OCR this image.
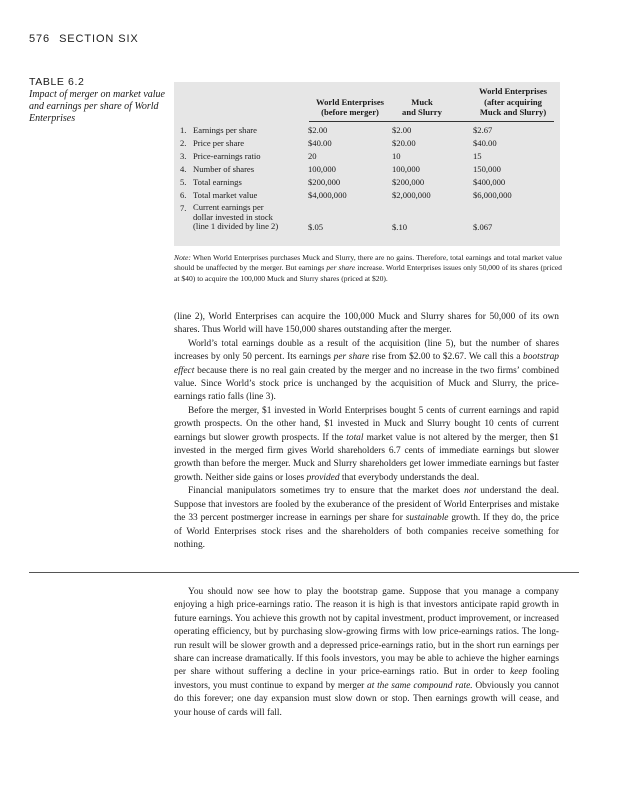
576 SECTION SIX
TABLE 6.2
Impact of merger on market value and earnings per share of World Enterprises
World Enterprises
(before merger)
Muck
and Slurry
World Enterprises
(after acquiring
Muck and Slurry)
1. Earnings per share	$2.00	$2.00	$2.67
2. Price per share	$40.00	$20.00	$40.00
3. Price-earnings ratio	20	10	15
4. Number of shares	100,000	100,000	150,000
5. Total earnings	$200,000	$200,000	$400,000
6. Total market value	$4,000,000	$2,000,000	$6,000,000
7. Current earnings per
dollar invested in stock
(line 1 divided by line 2)	$.05	$.10	$.067
Note: When World Enterprises purchases Muck and Slurry, there are no gains. Therefore, total earnings and total market value should be unaffected by the merger. But earnings per share increase. World Enterprises issues only 50,000 of its shares (priced at $40) to acquire the 100,000 Muck and Slurry shares (priced at $20).

(line 2), World Enterprises can acquire the 100,000 Muck and Slurry shares for 50,000 of its own shares. Thus World will have 150,000 shares outstanding after the merger.

World’s total earnings double as a result of the acquisition (line 5), but the number of shares increases by only 50 percent. Its earnings per share rise from $2.00 to $2.67. We call this a bootstrap effect because there is no real gain created by the merger and no increase in the two firms’ combined value. Since World’s stock price is unchanged by the acquisition of Muck and Slurry, the price-earnings ratio falls (line 3).

Before the merger, $1 invested in World Enterprises bought 5 cents of current earnings and rapid growth prospects. On the other hand, $1 invested in Muck and Slurry bought 10 cents of current earnings but slower growth prospects. If the total market value is not altered by the merger, then $1 invested in the merged firm gives World shareholders 6.7 cents of immediate earnings but slower growth than before the merger. Muck and Slurry shareholders get lower immediate earnings but faster growth. Neither side gains or loses provided that everybody understands the deal.

Financial manipulators sometimes try to ensure that the market does not understand the deal. Suppose that investors are fooled by the exuberance of the president of World Enterprises and mistake the 33 percent postmerger increase in earnings per share for sustainable growth. If they do, the price of World Enterprises stock rises and the shareholders of both companies receive something for nothing.

You should now see how to play the bootstrap game. Suppose that you manage a company enjoying a high price-earnings ratio. The reason it is high is that investors anticipate rapid growth in future earnings. You achieve this growth not by capital investment, product improvement, or increased operating efficiency, but by purchasing slow-growing firms with low price-earnings ratios. The long-run result will be slower growth and a depressed price-earnings ratio, but in the short run earnings per share can increase dramatically. If this fools investors, you may be able to achieve the higher earnings per share without suffering a decline in your price-earnings ratio. But in order to keep fooling investors, you must continue to expand by merger at the same compound rate. Obviously you cannot do this forever; one day expansion must slow down or stop. Then earnings growth will cease, and your house of cards will fall.
